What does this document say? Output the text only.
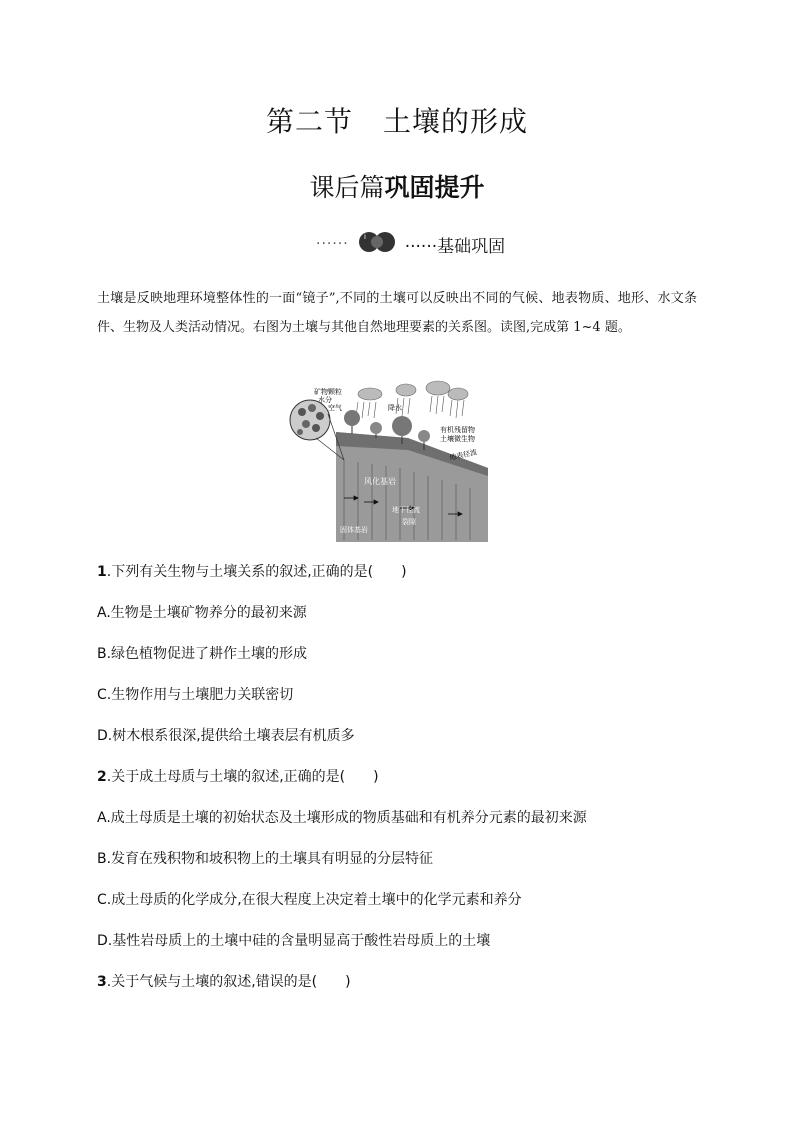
第二节 土壤的形成
课后篇巩固提升
······ i ······基础巩固
土壤是反映地理环境整体性的一面“镜子”,不同的土壤可以反映出不同的气候、地表物质、地形、水文条件、生物及人类活动情况。右图为土壤与其他自然地理要素的关系图。读图,完成第 1~4 题。
矿物颗粒
水分
空气	降水
有机残留物
土壤微生物
地表径流
风化基岩
地下径流
裂隙
固体基岩
1.下列有关生物与土壤关系的叙述,正确的是(　　)
A.生物是土壤矿物养分的最初来源
B.绿色植物促进了耕作土壤的形成
C.生物作用与土壤肥力关联密切
D.树木根系很深,提供给土壤表层有机质多
2.关于成土母质与土壤的叙述,正确的是(　　)
A.成土母质是土壤的初始状态及土壤形成的物质基础和有机养分元素的最初来源
B.发育在残积物和坡积物上的土壤具有明显的分层特征
C.成土母质的化学成分,在很大程度上决定着土壤中的化学元素和养分
D.基性岩母质上的土壤中硅的含量明显高于酸性岩母质上的土壤
3.关于气候与土壤的叙述,错误的是(　　)
